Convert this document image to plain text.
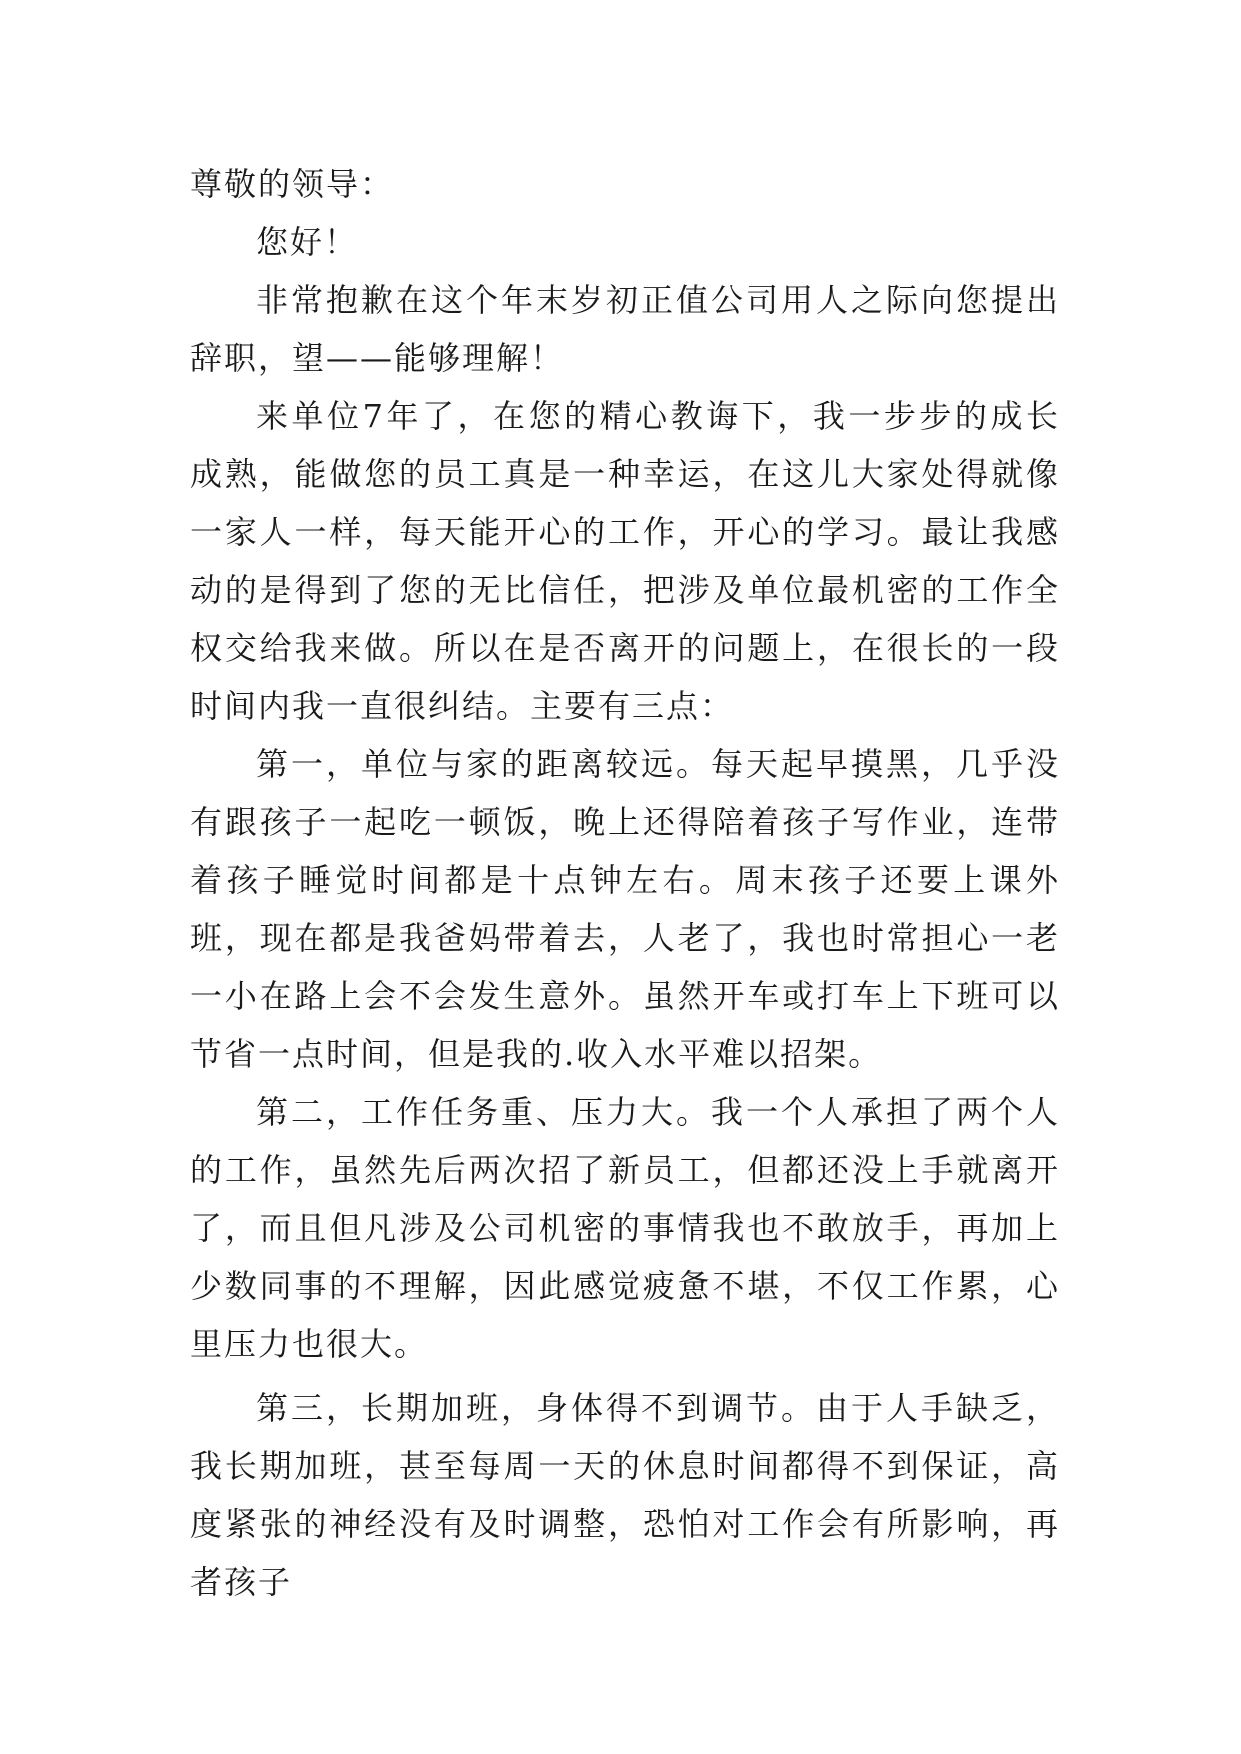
尊敬的领导：

您好！

非常抱歉在这个年末岁初正值公司用人之际向您提出辞职，望——能够理解！

来单位7年了，在您的精心教诲下，我一步步的成长成熟，能做您的员工真是一种幸运，在这儿大家处得就像一家人一样，每天能开心的工作，开心的学习。最让我感动的是得到了您的无比信任，把涉及单位最机密的工作全权交给我来做。所以在是否离开的问题上，在很长的一段时间内我一直很纠结。主要有三点：

第一，单位与家的距离较远。每天起早摸黑，几乎没有跟孩子一起吃一顿饭，晚上还得陪着孩子写作业，连带着孩子睡觉时间都是十点钟左右。周末孩子还要上课外班，现在都是我爸妈带着去，人老了，我也时常担心一老一小在路上会不会发生意外。虽然开车或打车上下班可以节省一点时间，但是我的.收入水平难以招架。

第二，工作任务重、压力大。我一个人承担了两个人的工作，虽然先后两次招了新员工，但都还没上手就离开了，而且但凡涉及公司机密的事情我也不敢放手，再加上少数同事的不理解，因此感觉疲惫不堪，不仅工作累，心里压力也很大。

第三，长期加班，身体得不到调节。由于人手缺乏，我长期加班，甚至每周一天的休息时间都得不到保证，高度紧张的神经没有及时调整，恐怕对工作会有所影响，再者孩子
